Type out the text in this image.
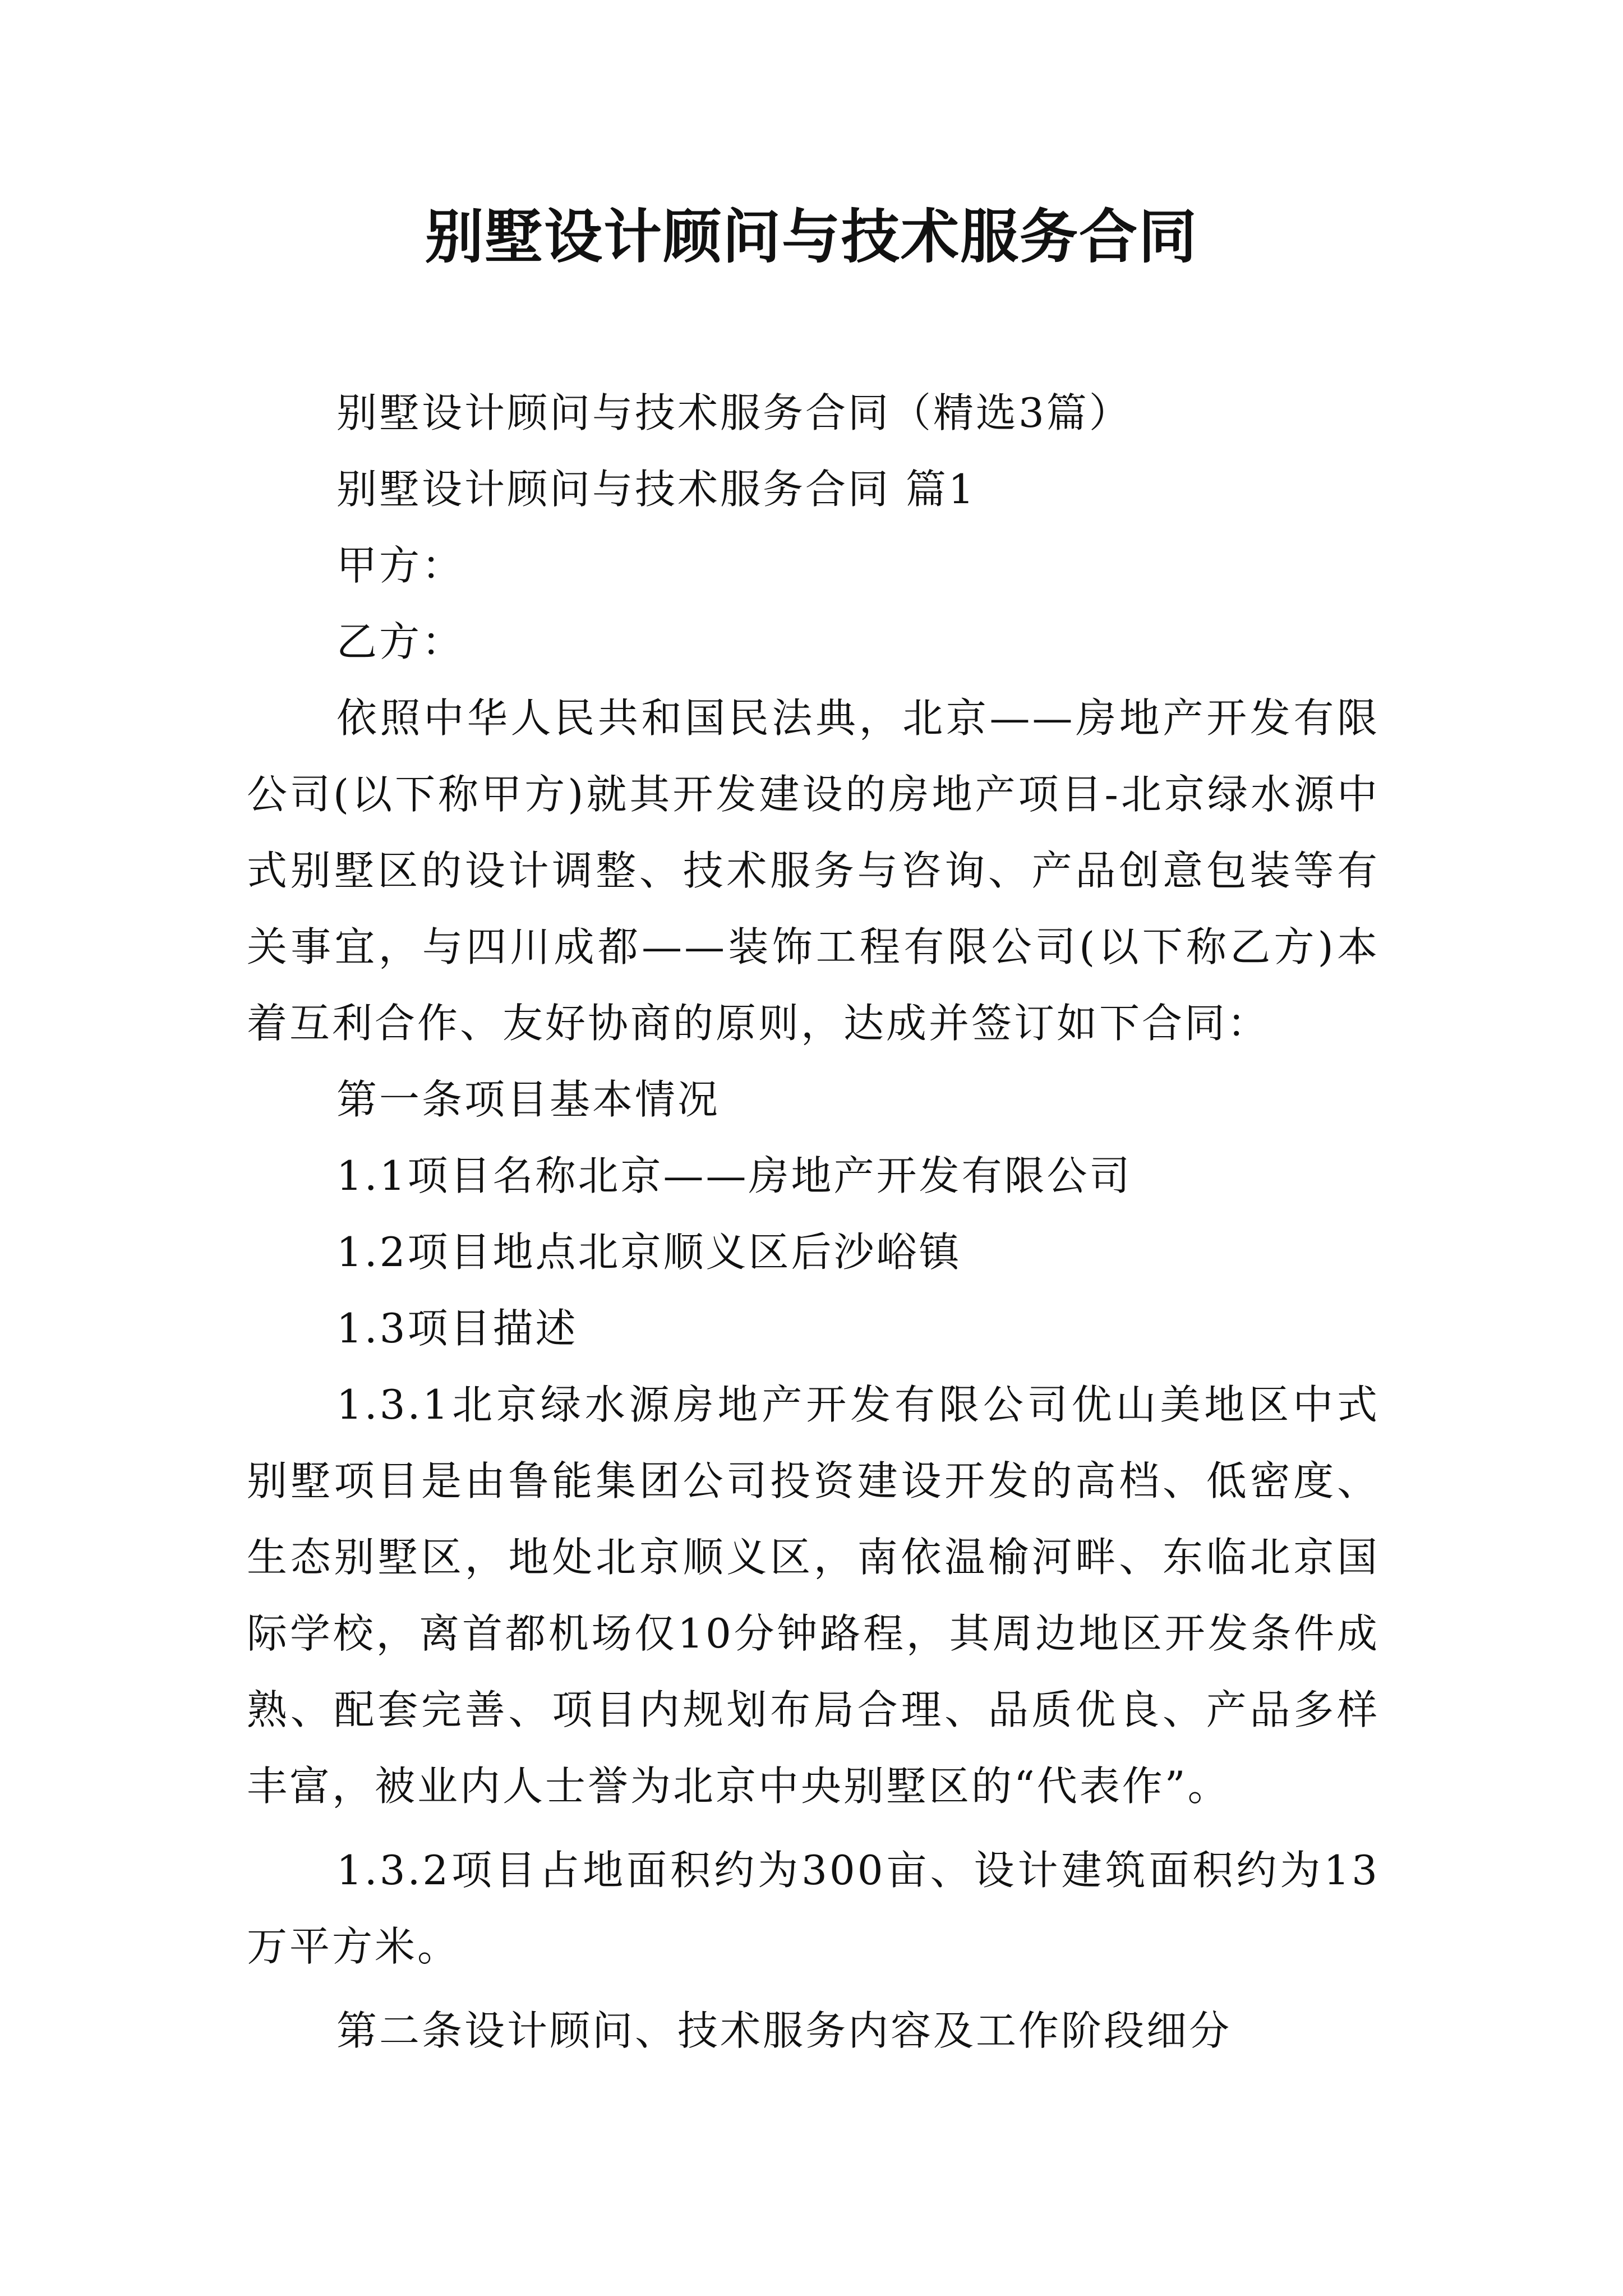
别墅设计顾问与技术服务合同

别墅设计顾问与技术服务合同（精选3篇）

别墅设计顾问与技术服务合同 篇1

甲方：

乙方：

依照中华人民共和国民法典，北京——房地产开发有限公司(以下称甲方)就其开发建设的房地产项目-北京绿水源中式别墅区的设计调整、技术服务与咨询、产品创意包装等有关事宜，与四川成都——装饰工程有限公司(以下称乙方)本着互利合作、友好协商的原则，达成并签订如下合同：

第一条项目基本情况

1.1项目名称北京——房地产开发有限公司

1.2项目地点北京顺义区后沙峪镇

1.3项目描述

1.3.1北京绿水源房地产开发有限公司优山美地区中式别墅项目是由鲁能集团公司投资建设开发的高档、低密度、生态别墅区，地处北京顺义区，南依温榆河畔、东临北京国际学校，离首都机场仅10分钟路程，其周边地区开发条件成熟、配套完善、项目内规划布局合理、品质优良、产品多样丰富，被业内人士誉为北京中央别墅区的“代表作”。

1.3.2项目占地面积约为300亩、设计建筑面积约为13万平方米。

第二条设计顾问、技术服务内容及工作阶段细分
